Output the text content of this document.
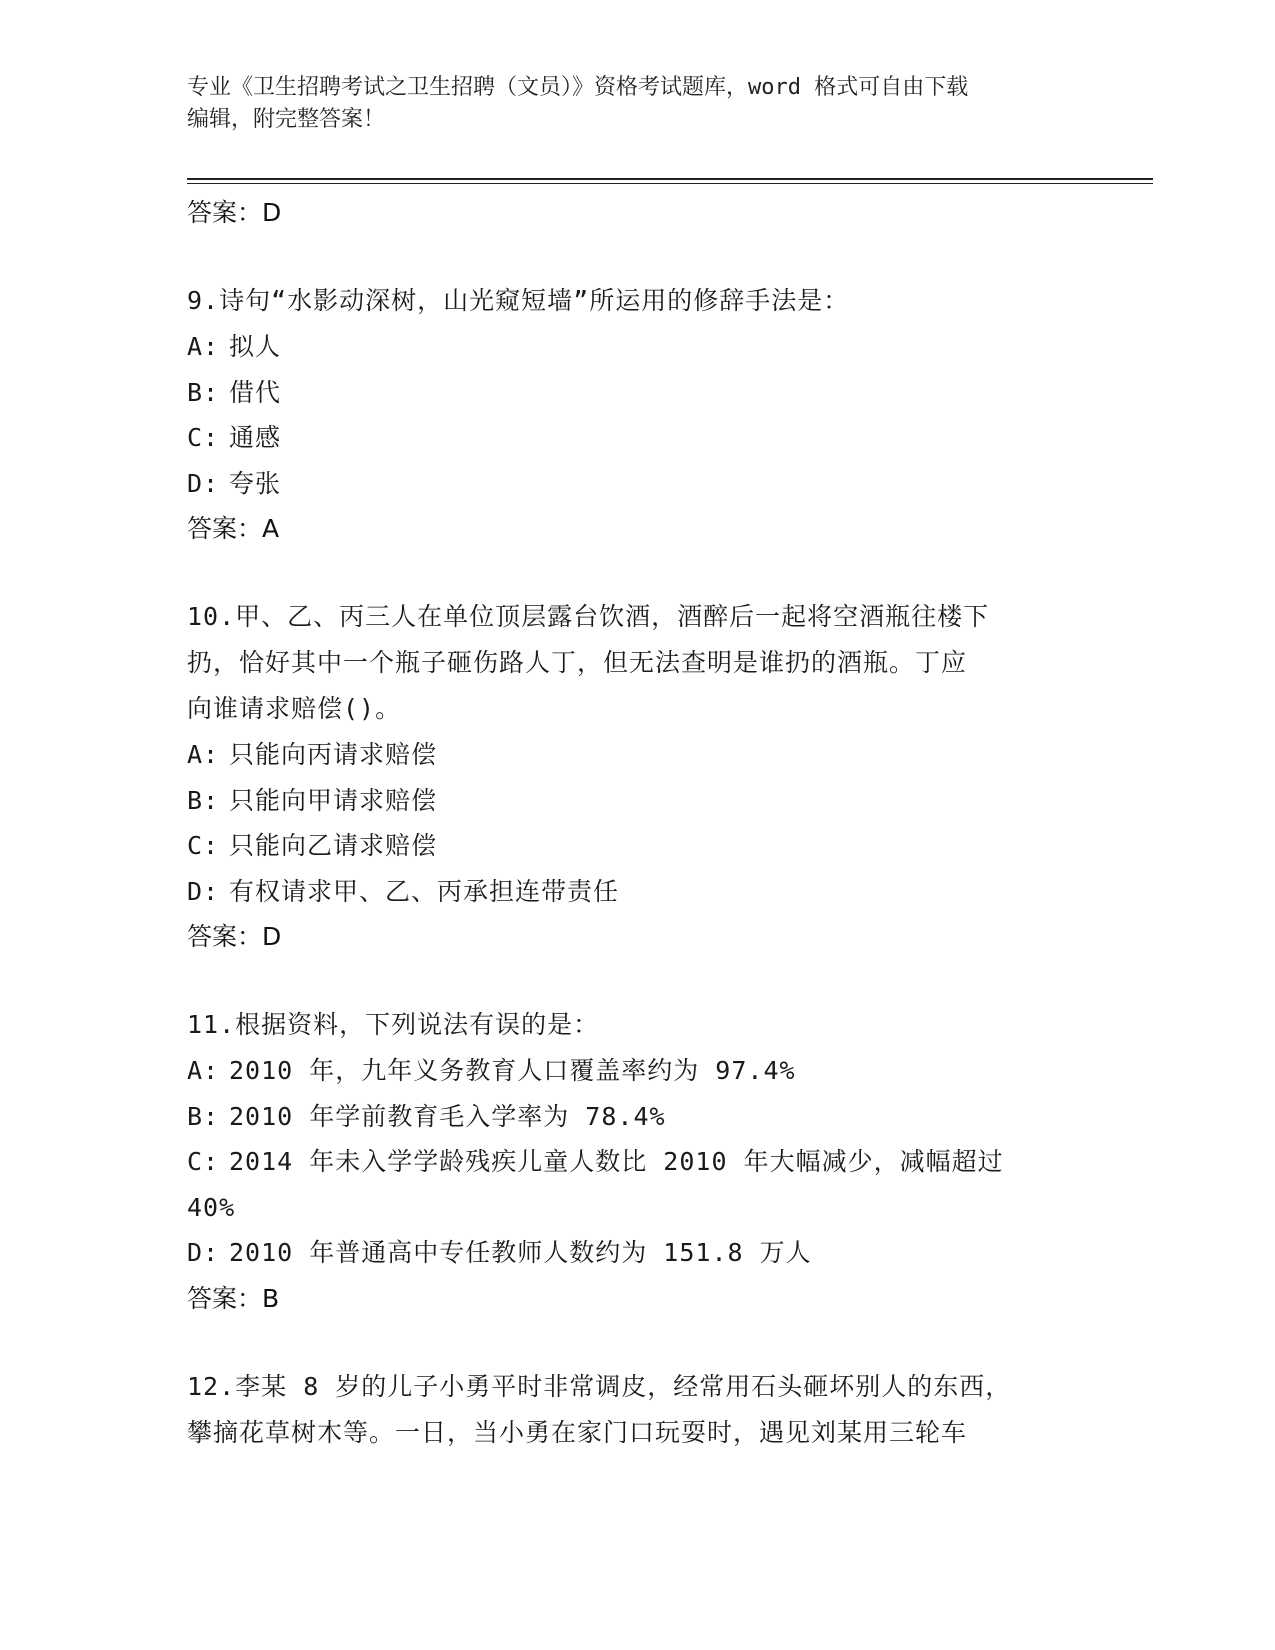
专业《卫生招聘考试之卫生招聘（文员）》资格考试题库，word 格式可自由下载
编辑，附完整答案！
答案：D
9.诗句“水影动深树，山光窥短墙”所运用的修辞手法是：
A: 拟人
B: 借代
C: 通感
D: 夸张
答案：A
10.甲、乙、丙三人在单位顶层露台饮酒，酒醉后一起将空酒瓶往楼下
扔，恰好其中一个瓶子砸伤路人丁，但无法查明是谁扔的酒瓶。丁应
向谁请求赔偿()。
A: 只能向丙请求赔偿
B: 只能向甲请求赔偿
C: 只能向乙请求赔偿
D: 有权请求甲、乙、丙承担连带责任
答案：D
11.根据资料，下列说法有误的是：
A: 2010 年，九年义务教育人口覆盖率约为 97.4%
B: 2010 年学前教育毛入学率为 78.4%
C: 2014 年未入学学龄残疾儿童人数比 2010 年大幅减少，减幅超过
40%
D: 2010 年普通高中专任教师人数约为 151.8 万人
答案：B
12.李某 8 岁的儿子小勇平时非常调皮，经常用石头砸坏别人的东西，
攀摘花草树木等。一日，当小勇在家门口玩耍时，遇见刘某用三轮车
